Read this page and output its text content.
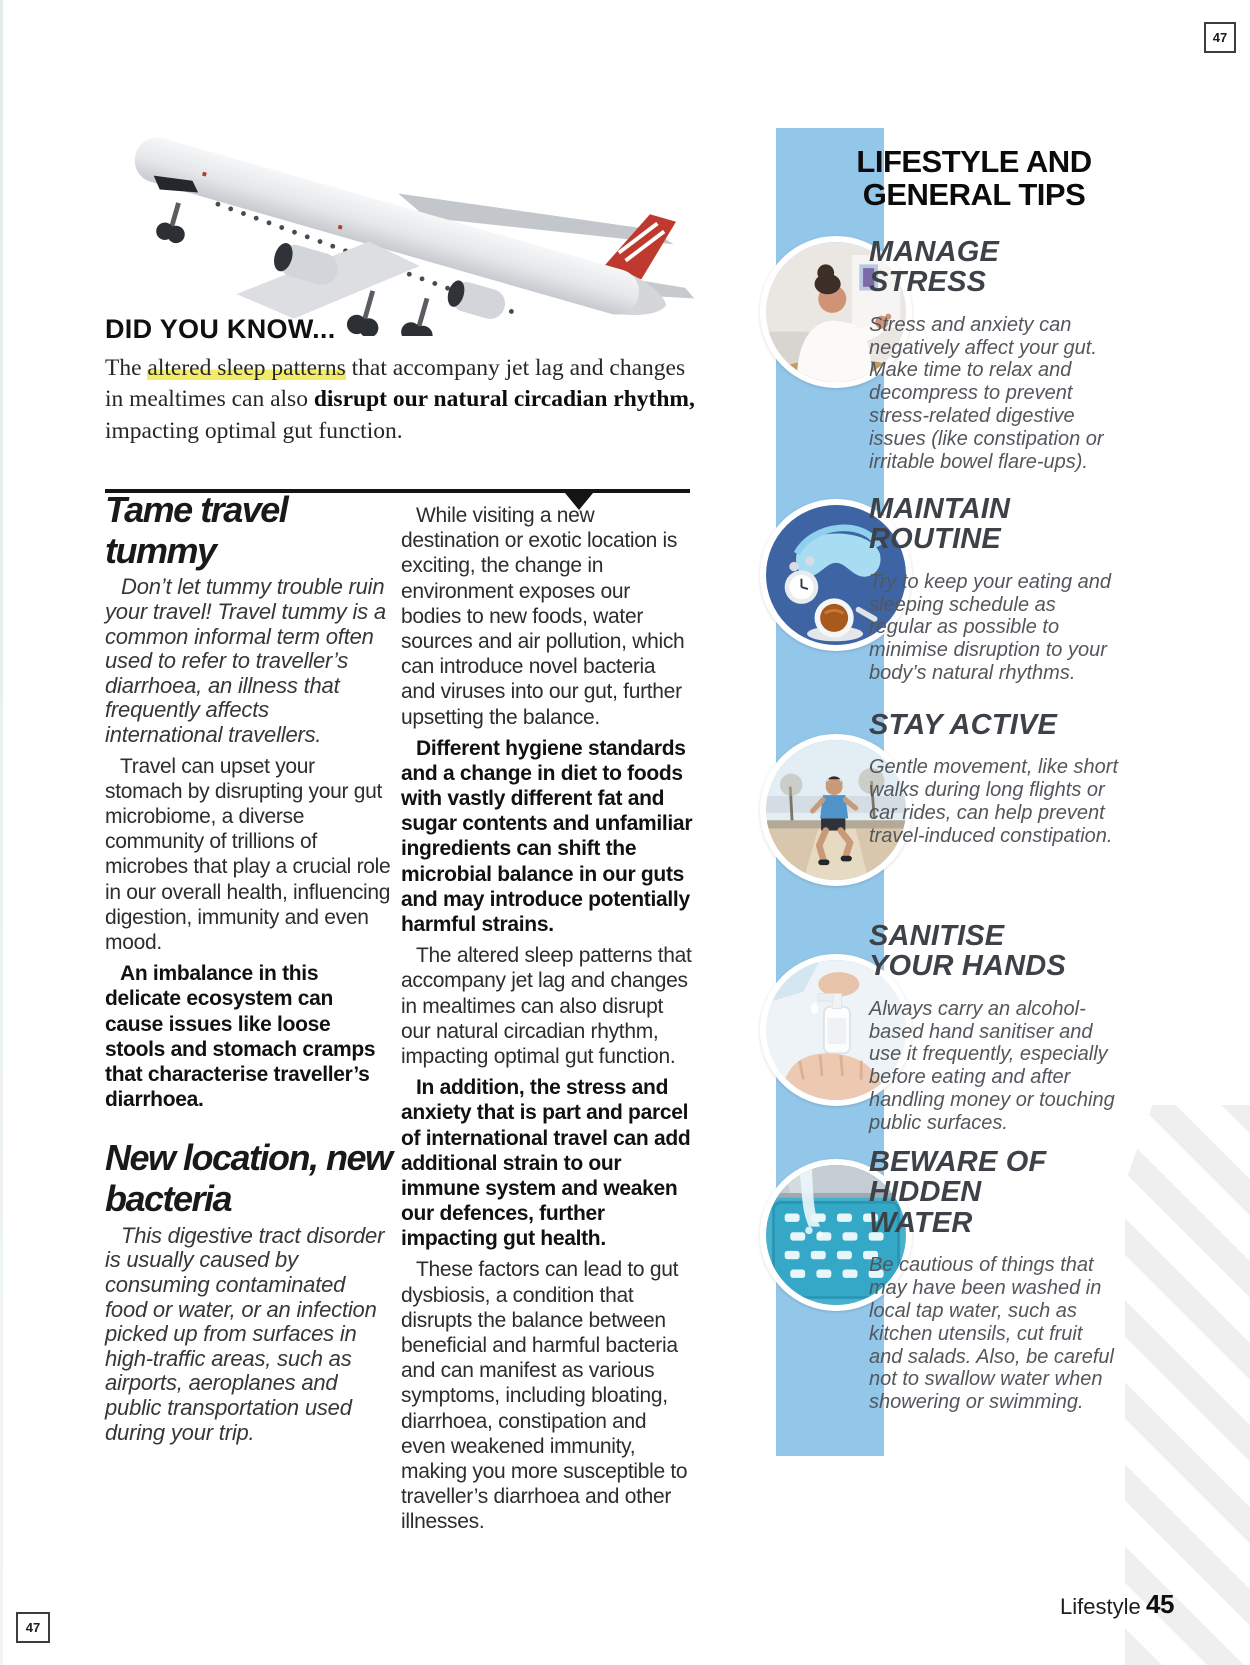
47
DID YOU KNOW...

The altered sleep patterns that accompany jet lag and changes in mealtimes can also disrupt our natural circadian rhythm, impacting optimal gut function.

Tame travel tummy

Don’t let tummy trouble ruin your travel! Travel tummy is a common informal term often used to refer to traveller’s diarrhoea, an illness that frequently affects international travellers.

Travel can upset your stomach by disrupting your gut microbiome, a diverse community of trillions of microbes that play a crucial role in our overall health, influencing digestion, immunity and even mood.

An imbalance in this delicate ecosystem can cause issues like loose stools and stomach cramps that characterise traveller’s diarrhoea.

New location, new bacteria

This digestive tract disorder is usually caused by consuming contaminated food or water, or an infection picked up from surfaces in high-traffic areas, such as airports, aeroplanes and public transportation used during your trip.

While visiting a new destination or exotic location is exciting, the change in environment exposes our bodies to new foods, water sources and air pollution, which can introduce novel bacteria and viruses into our gut, further upsetting the balance.

Different hygiene standards and a change in diet to foods with vastly different fat and sugar contents and unfamiliar ingredients can shift the microbial balance in our guts and may introduce potentially harmful strains.

The altered sleep patterns that accompany jet lag and changes in mealtimes can also disrupt our natural circadian rhythm, impacting optimal gut function.

In addition, the stress and anxiety that is part and parcel of international travel can add additional strain to our immune system and weaken our defences, further impacting gut health.

These factors can lead to gut dysbiosis, a condition that disrupts the balance between beneficial and harmful bacteria and can manifest as various symptoms, including bloating, diarrhoea, constipation and even weakened immunity, making you more susceptible to traveller’s diarrhoea and other illnesses.

LIFESTYLE AND GENERAL TIPS
MANAGE STRESS

Stress and anxiety can negatively affect your gut. Make time to relax and decompress to prevent stress-related digestive issues (like constipation or irritable bowel flare-ups).

MAINTAIN ROUTINE

Try to keep your eating and sleeping schedule as regular as possible to minimise disruption to your body’s natural rhythms.

STAY ACTIVE

Gentle movement, like short walks during long flights or car rides, can help prevent travel-induced constipation.

SANITISE YOUR HANDS

Always carry an alcohol-based hand sanitiser and use it frequently, especially before eating and after handling money or touching public surfaces.

BEWARE OF HIDDEN WATER

Be cautious of things that may have been washed in local tap water, such as kitchen utensils, cut fruit and salads. Also, be careful not to swallow water when showering or swimming.

Lifestyle 45
47
